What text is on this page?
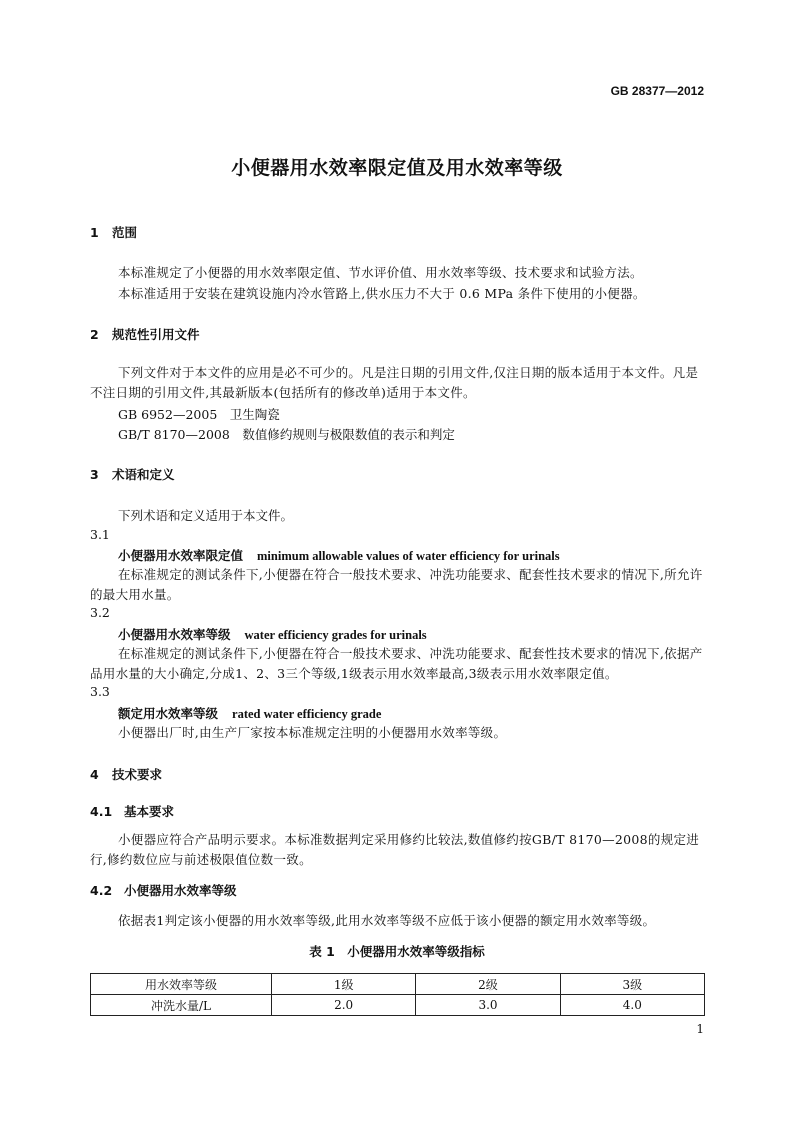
GB 28377—2012
小便器用水效率限定值及用水效率等级
1 范围
本标准规定了小便器的用水效率限定值、节水评价值、用水效率等级、技术要求和试验方法。
本标准适用于安装在建筑设施内冷水管路上,供水压力不大于 0.6 MPa 条件下使用的小便器。
2 规范性引用文件
下列文件对于本文件的应用是必不可少的。凡是注日期的引用文件,仅注日期的版本适用于本文件。凡是不注日期的引用文件,其最新版本(包括所有的修改单)适用于本文件。
GB 6952—2005　卫生陶瓷
GB/T 8170—2008　数值修约规则与极限数值的表示和判定
3 术语和定义
下列术语和定义适用于本文件。
3.1
小便器用水效率限定值 minimum allowable values of water efficiency for urinals
在标准规定的测试条件下,小便器在符合一般技术要求、冲洗功能要求、配套性技术要求的情况下,所允许的最大用水量。
3.2
小便器用水效率等级 water efficiency grades for urinals
在标准规定的测试条件下,小便器在符合一般技术要求、冲洗功能要求、配套性技术要求的情况下,依据产品用水量的大小确定,分成1、2、3三个等级,1级表示用水效率最高,3级表示用水效率限定值。
3.3
额定用水效率等级 rated water efficiency grade
小便器出厂时,由生产厂家按本标准规定注明的小便器用水效率等级。
4 技术要求
4.1 基本要求
小便器应符合产品明示要求。本标准数据判定采用修约比较法,数值修约按GB/T 8170—2008的规定进行,修约数位应与前述极限值位数一致。
4.2 小便器用水效率等级
依据表1判定该小便器的用水效率等级,此用水效率等级不应低于该小便器的额定用水效率等级。
表 1　小便器用水效率等级指标
用水效率等级	1级	2级	3级
冲洗水量/L	2.0	3.0	4.0
1
